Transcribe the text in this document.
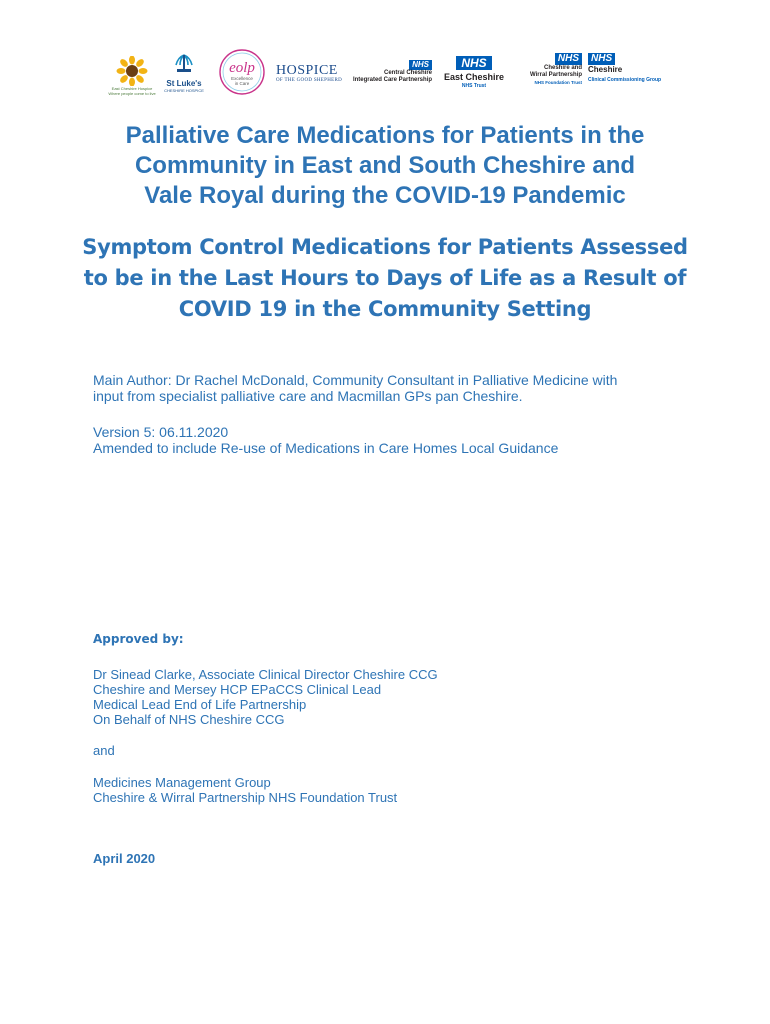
East Cheshire Hospice
Where people come to live
St Luke's
CHESHIRE HOSPICE
eolp
Excellence
in Care
HOSPICE
OF THE GOOD SHEPHERD
NHS
Central Cheshire
Integrated Care Partnership
NHS
East Cheshire
NHS Trust
NHS
Cheshire and
Wirral Partnership
NHS Foundation Trust
NHS
Cheshire
Clinical Commissioning Group
Palliative Care Medications for Patients in the
Community in East and South Cheshire and
Vale Royal during the COVID-19 Pandemic
Symptom Control Medications for Patients Assessed
to be in the Last Hours to Days of Life as a Result of
COVID 19 in the Community Setting

Main Author: Dr Rachel McDonald, Community Consultant in Palliative Medicine with
input from specialist palliative care and Macmillan GPs pan Cheshire.

Version 5: 06.11.2020

Amended to include Re-use of Medications in Care Homes Local Guidance

Approved by:

Dr Sinead Clarke, Associate Clinical Director Cheshire CCG

Cheshire and Mersey HCP EPaCCS Clinical Lead

Medical Lead End of Life Partnership

On Behalf of NHS Cheshire CCG

and

Medicines Management Group

Cheshire & Wirral Partnership NHS Foundation Trust

April 2020
